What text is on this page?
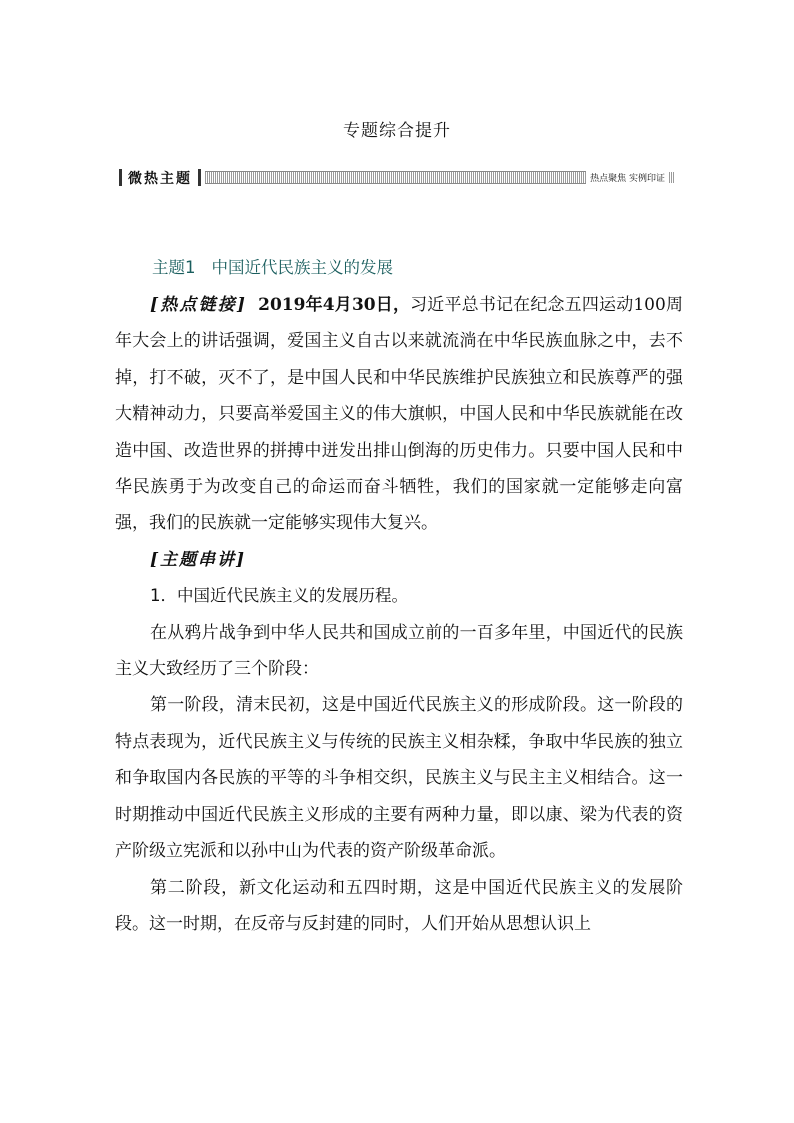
专题综合提升
微热主题	热点聚焦 实例印证
主题1 中国近代民族主义的发展

[热点链接] 2019年4月30日，习近平总书记在纪念五四运动100周年大会上的讲话强调，爱国主义自古以来就流淌在中华民族血脉之中，去不掉，打不破，灭不了，是中国人民和中华民族维护民族独立和民族尊严的强大精神动力，只要高举爱国主义的伟大旗帜，中国人民和中华民族就能在改造中国、改造世界的拼搏中迸发出排山倒海的历史伟力。只要中国人民和中华民族勇于为改变自己的命运而奋斗牺牲，我们的国家就一定能够走向富强，我们的民族就一定能够实现伟大复兴。

[主题串讲]

1．中国近代民族主义的发展历程。

在从鸦片战争到中华人民共和国成立前的一百多年里，中国近代的民族主义大致经历了三个阶段：

第一阶段，清末民初，这是中国近代民族主义的形成阶段。这一阶段的特点表现为，近代民族主义与传统的民族主义相杂糅，争取中华民族的独立和争取国内各民族的平等的斗争相交织，民族主义与民主主义相结合。这一时期推动中国近代民族主义形成的主要有两种力量，即以康、梁为代表的资产阶级立宪派和以孙中山为代表的资产阶级革命派。

第二阶段，新文化运动和五四时期，这是中国近代民族主义的发展阶段。这一时期，在反帝与反封建的同时，人们开始从思想认识上
